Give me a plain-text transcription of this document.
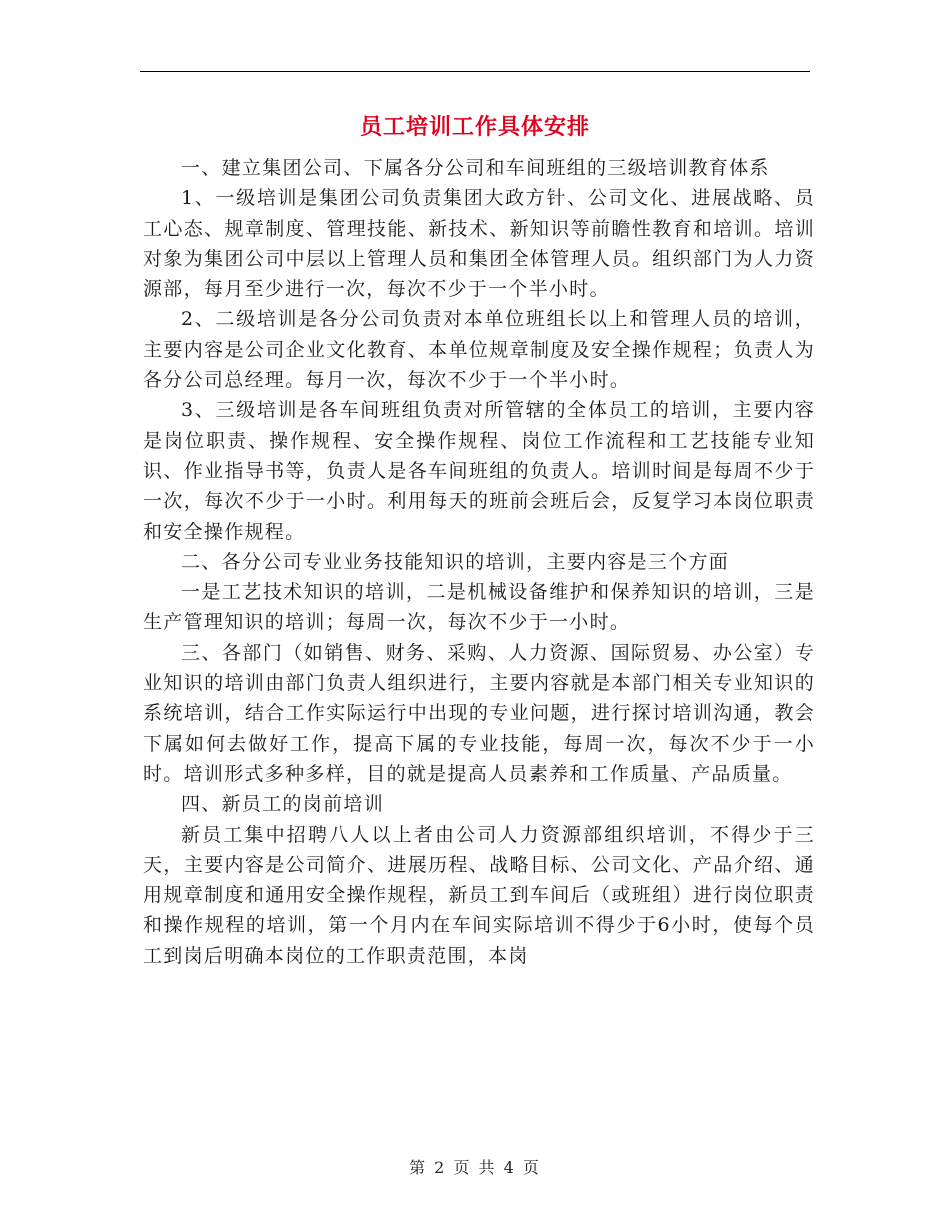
员工培训工作具体安排

一、建立集团公司、下属各分公司和车间班组的三级培训教育体系

1、一级培训是集团公司负责集团大政方针、公司文化、进展战略、员工心态、规章制度、管理技能、新技术、新知识等前瞻性教育和培训。培训对象为集团公司中层以上管理人员和集团全体管理人员。组织部门为人力资源部，每月至少进行一次，每次不少于一个半小时。

2、二级培训是各分公司负责对本单位班组长以上和管理人员的培训，主要内容是公司企业文化教育、本单位规章制度及安全操作规程；负责人为各分公司总经理。每月一次，每次不少于一个半小时。

3、三级培训是各车间班组负责对所管辖的全体员工的培训，主要内容是岗位职责、操作规程、安全操作规程、岗位工作流程和工艺技能专业知识、作业指导书等，负责人是各车间班组的负责人。培训时间是每周不少于一次，每次不少于一小时。利用每天的班前会班后会，反复学习本岗位职责和安全操作规程。

二、各分公司专业业务技能知识的培训，主要内容是三个方面

一是工艺技术知识的培训，二是机械设备维护和保养知识的培训，三是生产管理知识的培训；每周一次，每次不少于一小时。

三、各部门（如销售、财务、采购、人力资源、国际贸易、办公室）专业知识的培训由部门负责人组织进行，主要内容就是本部门相关专业知识的系统培训，结合工作实际运行中出现的专业问题，进行探讨培训沟通，教会下属如何去做好工作，提高下属的专业技能，每周一次，每次不少于一小时。培训形式多种多样，目的就是提高人员素养和工作质量、产品质量。

四、新员工的岗前培训

新员工集中招聘八人以上者由公司人力资源部组织培训，不得少于三天，主要内容是公司简介、进展历程、战略目标、公司文化、产品介绍、通用规章制度和通用安全操作规程，新员工到车间后（或班组）进行岗位职责和操作规程的培训，第一个月内在车间实际培训不得少于6小时，使每个员工到岗后明确本岗位的工作职责范围，本岗

第 2 页 共 4 页
